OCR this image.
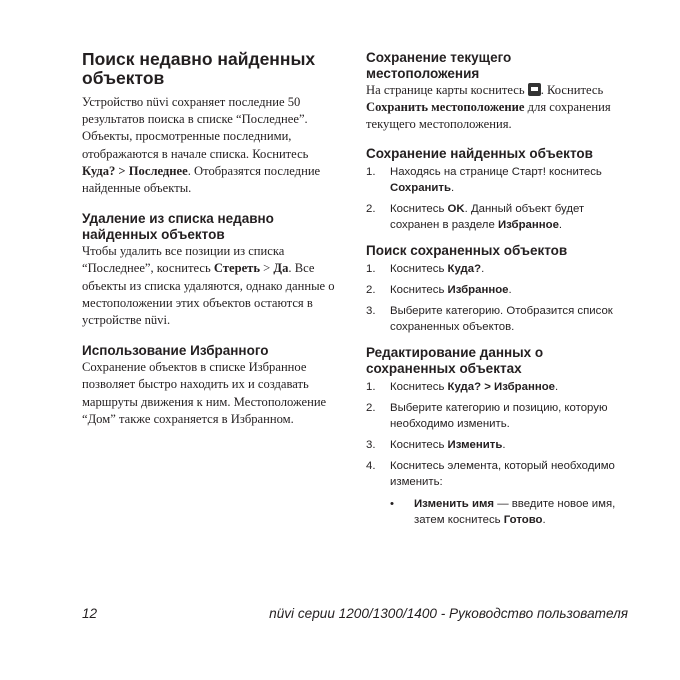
Поиск недавно найденных объектов

Устройство nüvi сохраняет последние 50 результатов поиска в списке “Последнее”. Объекты, просмотренные последними, отображаются в начале списка. Коснитесь Куда? > Последнее. Отобразятся последние найденные объекты.

Удаление из списка недавно найденных объектов

Чтобы удалить все позиции из списка “Последнее”, коснитесь Стереть > Да. Все объекты из списка удаляются, однако данные о местоположении этих объектов остаются в устройстве nüvi.

Использование Избранного

Сохранение объектов в списке Избранное позволяет быстро находить их и создавать маршруты движения к ним. Местоположение “Дом” также сохраняется в Избранном.

Сохранение текущего местоположения

На странице карты коснитесь . Коснитесь Сохранить местоположение для сохранения текущего местоположения.

Сохранение найденных объектов
1. Находясь на странице Старт! коснитесь Сохранить.
2. Коснитесь OK. Данный объект будет сохранен в разделе Избранное.
Поиск сохраненных объектов
1. Коснитесь Куда?.
2. Коснитесь Избранное.
3. Выберите категорию. Отобразится список сохраненных объектов.
Редактирование данных о сохраненных объектах
1. Коснитесь Куда? > Избранное.
2. Выберите категорию и позицию, которую необходимо изменить.
3. Коснитесь Изменить.
4. Коснитесь элемента, который необходимо изменить:
• Изменить имя — введите новое имя, затем коснитесь Готово.
12	nüvi серии 1200/1300/1400 - Руководство пользователя
